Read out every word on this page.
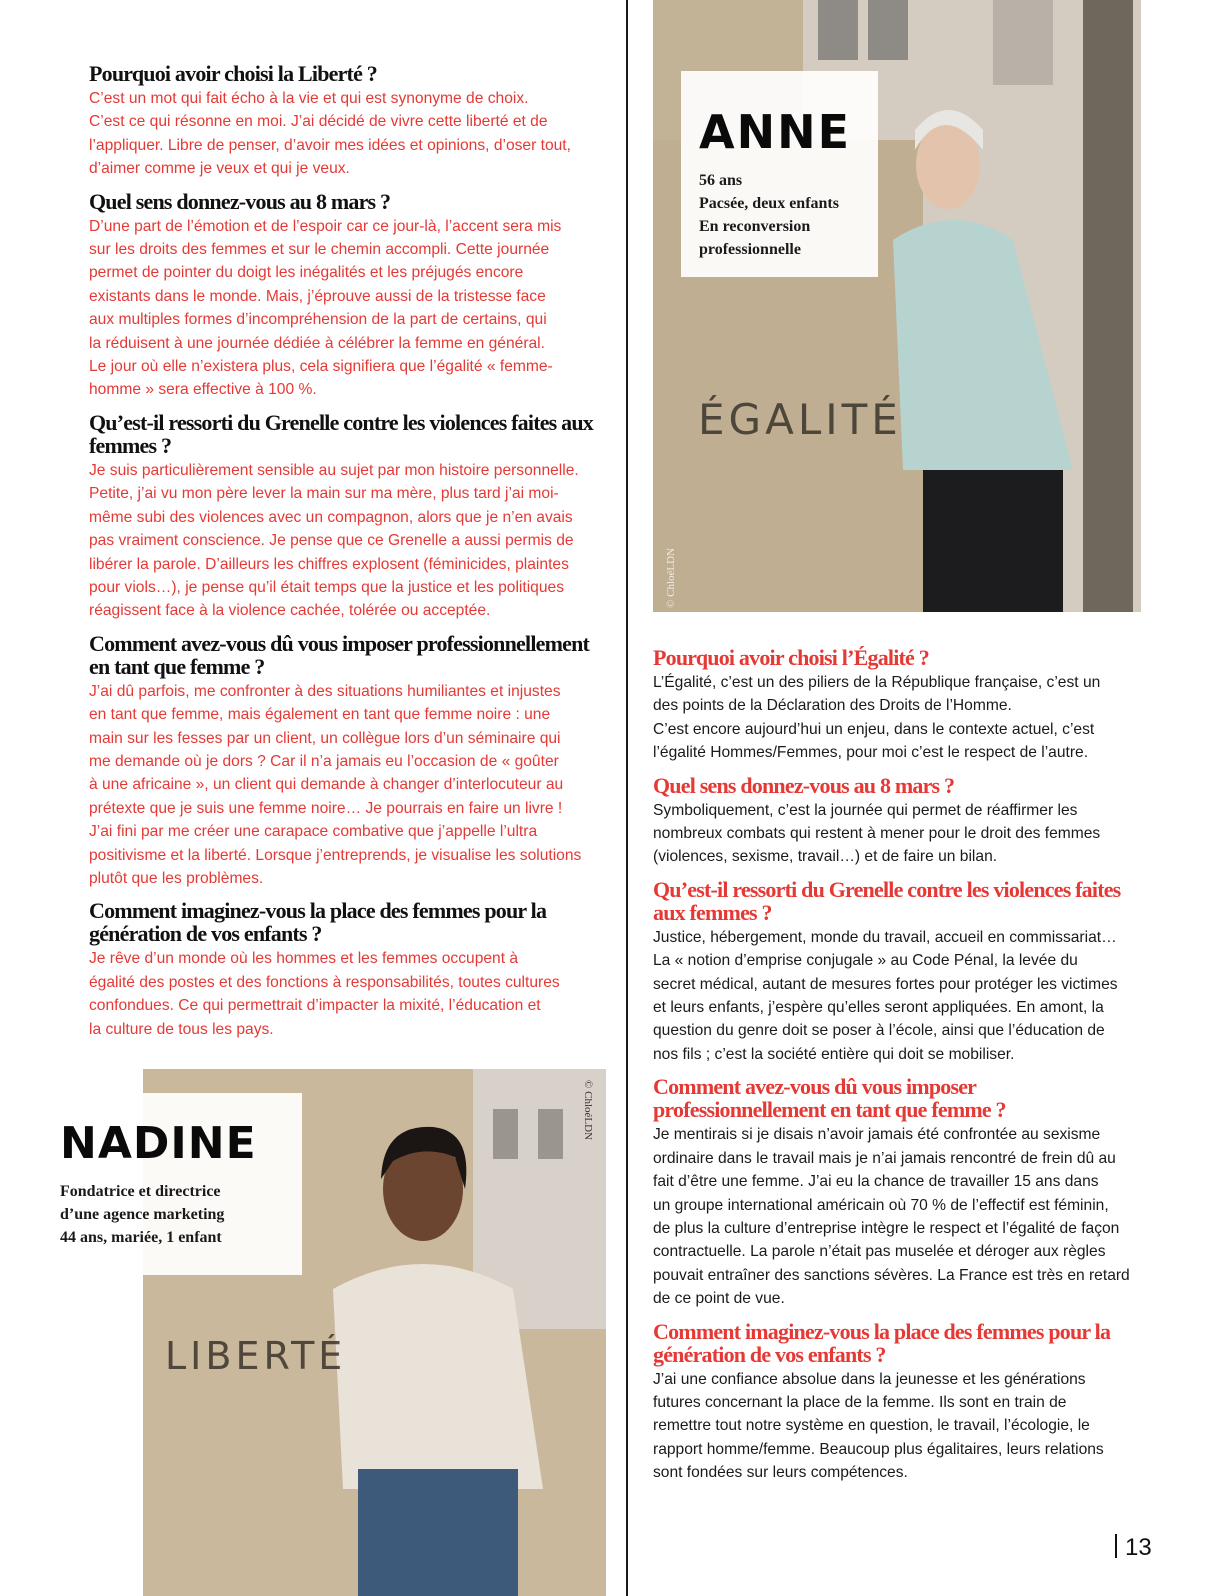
ANNE
56 ans
Pacsée, deux enfants
En reconversion
professionnelle
ÉGALITÉ
© ChloéLDN
NADINE
Fondatrice et directrice
d’une agence marketing
44 ans, mariée, 1 enfant
LIBERTÉ
© ChloéLDN
Pourquoi avoir choisi la Liberté ?

C’est un mot qui fait écho à la vie et qui est synonyme de choix.
C’est ce qui résonne en moi. J’ai décidé de vivre cette liberté et de
l’appliquer. Libre de penser, d’avoir mes idées et opinions, d’oser tout,
d’aimer comme je veux et qui je veux.

Quel sens donnez-vous au 8 mars ?

D’une part de l’émotion et de l’espoir car ce jour-là, l’accent sera mis
sur les droits des femmes et sur le chemin accompli. Cette journée
permet de pointer du doigt les inégalités et les préjugés encore
existants dans le monde. Mais, j’éprouve aussi de la tristesse face
aux multiples formes d’incompréhension de la part de certains, qui
la réduisent à une journée dédiée à célébrer la femme en général.
Le jour où elle n’existera plus, cela signifiera que l’égalité « femme-
homme » sera effective à 100 %.

Qu’est-il ressorti du Grenelle contre les violences faites aux femmes ?

Je suis particulièrement sensible au sujet par mon histoire personnelle.
Petite, j’ai vu mon père lever la main sur ma mère, plus tard j’ai moi-
même subi des violences avec un compagnon, alors que je n’en avais
pas vraiment conscience. Je pense que ce Grenelle a aussi permis de
libérer la parole. D’ailleurs les chiffres explosent (féminicides, plaintes
pour viols…), je pense qu’il était temps que la justice et les politiques
réagissent face à la violence cachée, tolérée ou acceptée.

Comment avez-vous dû vous imposer professionnellement en tant que femme ?

J’ai dû parfois, me confronter à des situations humiliantes et injustes
en tant que femme, mais également en tant que femme noire : une
main sur les fesses par un client, un collègue lors d’un séminaire qui
me demande où je dors ? Car il n’a jamais eu l’occasion de « goûter
à une africaine », un client qui demande à changer d’interlocuteur au
prétexte que je suis une femme noire… Je pourrais en faire un livre !
J’ai fini par me créer une carapace combative que j’appelle l’ultra
positivisme et la liberté. Lorsque j’entreprends, je visualise les solutions
plutôt que les problèmes.

Comment imaginez-vous la place des femmes pour la génération de vos enfants ?

Je rêve d’un monde où les hommes et les femmes occupent à
égalité des postes et des fonctions à responsabilités, toutes cultures
confondues. Ce qui permettrait d’impacter la mixité, l’éducation et
la culture de tous les pays.

Pourquoi avoir choisi l’Égalité ?

L’Égalité, c’est un des piliers de la République française, c’est un
des points de la Déclaration des Droits de l’Homme.
C’est encore aujourd’hui un enjeu, dans le contexte actuel, c’est
l’égalité Hommes/Femmes, pour moi c’est le respect de l’autre.

Quel sens donnez-vous au 8 mars ?

Symboliquement, c’est la journée qui permet de réaffirmer les
nombreux combats qui restent à mener pour le droit des femmes
(violences, sexisme, travail…) et de faire un bilan.

Qu’est-il ressorti du Grenelle contre les violences faites aux femmes ?

Justice, hébergement, monde du travail, accueil en commissariat…
La « notion d’emprise conjugale » au Code Pénal, la levée du
secret médical, autant de mesures fortes pour protéger les victimes
et leurs enfants, j’espère qu’elles seront appliquées. En amont, la
question du genre doit se poser à l’école, ainsi que l’éducation de
nos fils ; c’est la société entière qui doit se mobiliser.

Comment avez-vous dû vous imposer professionnellement en tant que femme ?

Je mentirais si je disais n’avoir jamais été confrontée au sexisme
ordinaire dans le travail mais je n’ai jamais rencontré de frein dû au
fait d’être une femme. J’ai eu la chance de travailler 15 ans dans
un groupe international américain où 70 % de l’effectif est féminin,
de plus la culture d’entreprise intègre le respect et l’égalité de façon
contractuelle. La parole n’était pas muselée et déroger aux règles
pouvait entraîner des sanctions sévères. La France est très en retard
de ce point de vue.

Comment imaginez-vous la place des femmes pour la génération de vos enfants ?

J’ai une confiance absolue dans la jeunesse et les générations
futures concernant la place de la femme. Ils sont en train de
remettre tout notre système en question, le travail, l’écologie, le
rapport homme/femme. Beaucoup plus égalitaires, leurs relations
sont fondées sur leurs compétences.

13
